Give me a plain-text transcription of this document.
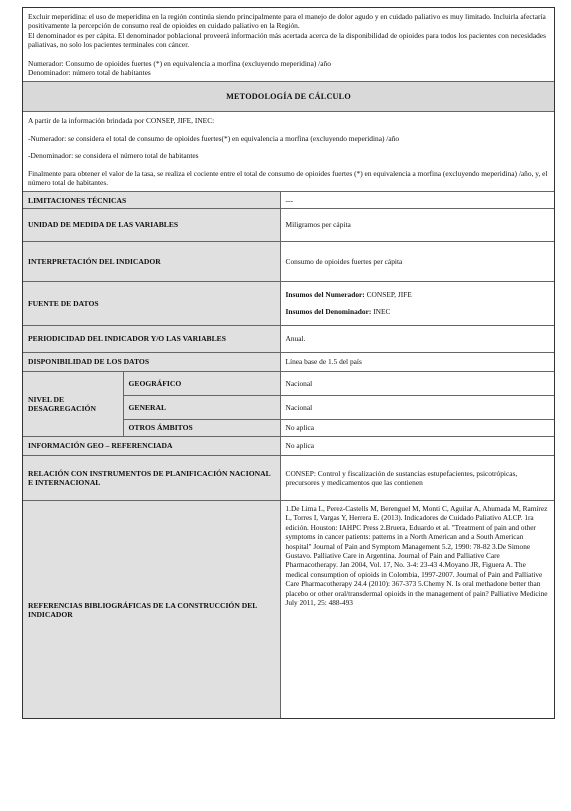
Excluir meperidina: el uso de meperidina en la región continúa siendo principalmente para el manejo de dolor agudo y en cuidado paliativo es muy limitado. Incluirla afectaría positivamente la percepción de consumo real de opioides en cuidado paliativo en la Región.

El denominador es per cápita. El denominador poblacional proveerá información más acertada acerca de la disponibilidad de opioides para todos los pacientes con necesidades paliativas, no solo los pacientes terminales con cáncer.

Numerador: Consumo de opioides fuertes (*) en equivalencia a morfina (excluyendo meperidina) /año

Denominador: número total de habitantes

METODOLOGÍA DE CÁLCULO

A partir de la información brindada por CONSEP, JIFE, INEC:

-Numerador: se considera el total de consumo de opioides fuertes(*) en equivalencia a morfina (excluyendo meperidina) /año

-Denominador: se considera el número total de habitantes

Finalmente para obtener el valor de la tasa, se realiza el cociente entre el total de consumo de opioides fuertes (*) en equivalencia a morfina (excluyendo meperidina) /año, y, el número total de habitantes.

LIMITACIONES TÉCNICAS		---
UNIDAD DE MEDIDA DE LAS VARIABLES		Miligramos per cápita
INTERPRETACIÓN DEL INDICADOR		Consumo de opioides fuertes per cápita
FUENTE DE DATOS		Insumos del Numerador: CONSEP, JIFE
Insumos del Denominador: INEC

PERIODICIDAD DEL INDICADOR Y/O LAS VARIABLES		Anual.
DISPONIBILIDAD DE LOS DATOS		Línea base de 1.5 del país
NIVEL DE DESAGREGACIÓN	GEOGRÁFICO	Nacional
	GENERAL	Nacional
	OTROS ÁMBITOS	No aplica
INFORMACIÓN GEO – REFERENCIADA		No aplica
RELACIÓN CON INSTRUMENTOS DE PLANIFICACIÓN NACIONAL E INTERNACIONAL		CONSEP: Control y fiscalización de sustancias estupefacientes, psicotrópicas, precursores y medicamentos que las contienen
REFERENCIAS BIBLIOGRÁFICAS DE LA CONSTRUCCIÓN DEL INDICADOR		1.De Lima L, Perez-Castells M, Berenguel M, Monti C, Aguilar A, Ahumada M, Ramírez L, Torres I, Vargas Y, Herrera E. (2013). Indicadores de Cuidado Paliativo ALCP. 1ra edición. Houston: IAHPC Press 2.Bruera, Eduardo et al. "Treatment of pain and other symptoms in cancer patients: patterns in a North American and a South American hospital" Journal of Pain and Symptom Management 5.2, 1990: 78-82 3.De Simone Gustavo. Palliative Care in Argentina. Journal of Pain and Palliative Care Pharmacotherapy. Jan 2004, Vol. 17, No. 3-4: 23-43 4.Moyano JR, Figuera A. The medical consumption of opioids in Colombia, 1997-2007. Journal of Pain and Palliative Care Pharmacotherapy 24.4 (2010): 367-373 5.Chemy N. Is oral methadone better than placebo or other oral/transdermal opioids in the management of pain? Palliative Medicine July 2011, 25: 488-493
